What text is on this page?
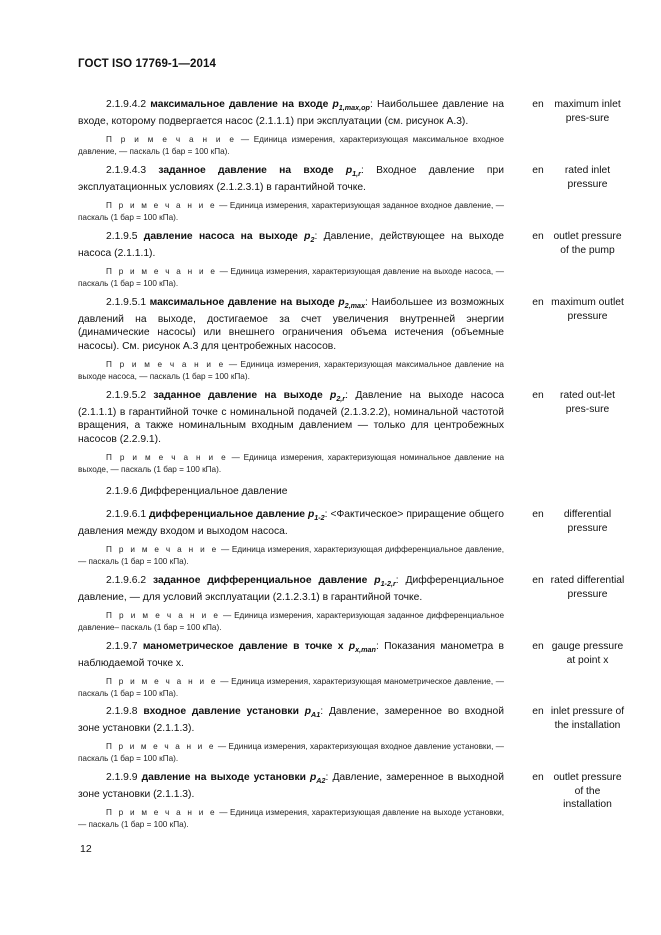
ГОСТ ISO 17769-1—2014

2.1.9.4.2 максимальное давление на входе $p_{1,max,op}$: Наибольшее давление на входе, которому подвергается насос (2.1.1.1) при эксплуатации (см. рисунок А.3).

П р и м е ч а н и е — Единица измерения, характеризующая максимальное входное давление, — паскаль (1 бар = 100 кПа).

en	maximum inlet pres-sure

2.1.9.4.3 заданное давление на входе $p_{1,r}$: Входное давление при эксплуатационных условиях (2.1.2.3.1) в гарантийной точке.

П р и м е ч а н и е — Единица измерения, характеризующая заданное входное давление, — паскаль (1 бар = 100 кПа).

en	rated inlet pressure

2.1.9.5 давление насоса на выходе $p_2$: Давление, действующее на выходе насоса (2.1.1.1).

П р и м е ч а н и е — Единица измерения, характеризующая давление на выходе насоса, — паскаль (1 бар = 100 кПа).

en outlet pressure of the pump

2.1.9.5.1 максимальное давление на выходе $p_{2,max}$: Наибольшее из возможных давлений на выходе, достигаемое за счет увеличения внутренней энергии (динамические насосы) или внешнего ограничения объема истечения (объемные насосы). См. рисунок А.3 для центробежных насосов.

П р и м е ч а н и е — Единица измерения, характеризующая максимальное давление на выходе насоса, — паскаль (1 бар = 100 кПа).

en maximum outlet pressure

2.1.9.5.2 заданное давление на выходе $p_{2,r}$: Давление на выходе насоса (2.1.1.1) в гарантийной точке с номинальной подачей (2.1.3.2.2), номинальной частотой вращения, а также номинальным входным давлением — только для центробежных насосов (2.2.9.1).

П р и м е ч а н и е — Единица измерения, характеризующая номинальное давление на выходе, — паскаль (1 бар = 100 кПа).

en	rated out-let pres-sure
2.1.9.6 Дифференциальное давление

2.1.9.6.1 дифференциальное давление $p_{1-2}$: <Фактическое> приращение общего давления между входом и выходом насоса.

П р и м е ч а н и е — Единица измерения, характеризующая дифференциальное давление, — паскаль (1 бар = 100 кПа).

en	differential pressure

2.1.9.6.2 заданное дифференциальное давление $p_{1-2,r}$: Дифференциальное давление, — для условий эксплуатации (2.1.2.3.1) в гарантийной точке.

П р и м е ч а н и е — Единица измерения, характеризующая заданное дифференциальное давление– паскаль (1 бар = 100 кПа).

en rated differential pressure

2.1.9.7 манометрическое давление в точке x $p_{x,man}$: Показания манометра в наблюдаемой точке x.

П р и м е ч а н и е — Единица измерения, характеризующая манометрическое давление, — паскаль (1 бар = 100 кПа).

en gauge pressure at point x

2.1.9.8 входное давление установки $p_{A1}$: Давление, замеренное во входной зоне установки (2.1.1.3).

П р и м е ч а н и е — Единица измерения, характеризующая входное давление установки, — паскаль (1 бар = 100 кПа).

en inlet pressure of the installation

2.1.9.9 давление на выходе установки $p_{A2}$: Давление, замеренное в выходной зоне установки (2.1.1.3).

П р и м е ч а н и е — Единица измерения, характеризующая давление на выходе установки, — паскаль (1 бар = 100 кПа).

en outlet pressure of the installation
12
